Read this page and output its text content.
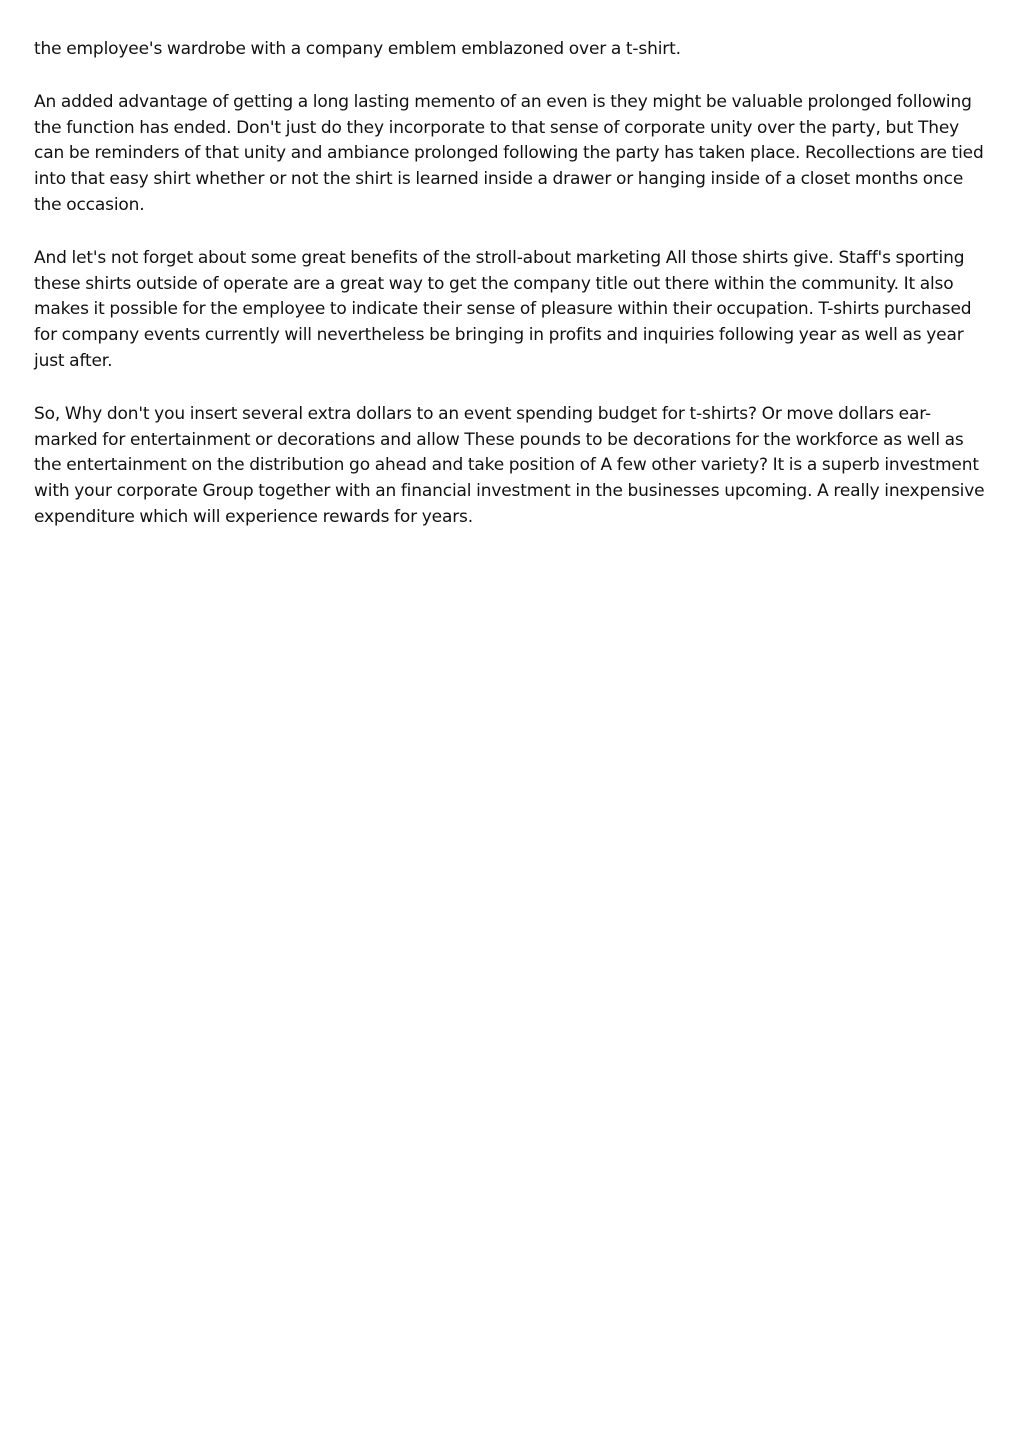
the employee's wardrobe with a company emblem emblazoned over a t-shirt.

An added advantage of getting a long lasting memento of an even is they might be valuable prolonged following the function has ended. Don't just do they incorporate to that sense of corporate unity over the party, but They can be reminders of that unity and ambiance prolonged following the party has taken place. Recollections are tied into that easy shirt whether or not the shirt is learned inside a drawer or hanging inside of a closet months once the occasion.

And let's not forget about some great benefits of the stroll-about marketing All those shirts give. Staff's sporting these shirts outside of operate are a great way to get the company title out there within the community. It also makes it possible for the employee to indicate their sense of pleasure within their occupation. T-shirts purchased for company events currently will nevertheless be bringing in profits and inquiries following year as well as year just after.

So, Why don't you insert several extra dollars to an event spending budget for t-shirts? Or move dollars ear-marked for entertainment or decorations and allow These pounds to be decorations for the workforce as well as the entertainment on the distribution go ahead and take position of A few other variety? It is a superb investment with your corporate Group together with an financial investment in the businesses upcoming. A really inexpensive expenditure which will experience rewards for years.
